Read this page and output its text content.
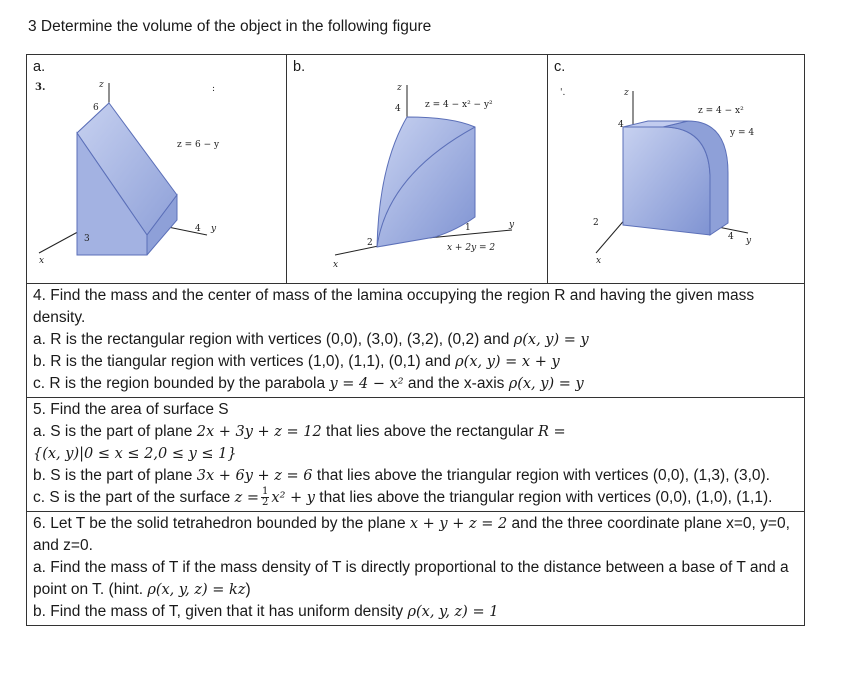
3 Determine the volume of the object in the following figure
a.
3.	:
z
6
z = 6 − y
3
4 y
x
b.
z
4	z = 4 − x² − y²
2
1	y
x + 2y = 2
x
c.
'.	z
4
z = 4 − x²
y = 4
2
4 y
x

4. Find the mass and the center of mass of the lamina occupying the region R and having the given mass density.

a. R is the rectangular region with vertices (0,0), (3,0), (3,2), (0,2) and ρ(x, y) = y

b. R is the tiangular region with vertices (1,0), (1,1), (0,1) and ρ(x, y) = x + y

c. R is the region bounded by the parabola y = 4 − x² and the x-axis ρ(x, y) = y

5. Find the area of surface S

a. S is the part of plane 2x + 3y + z = 12 that lies above the rectangular R =
{(x, y)|0 ≤ x ≤ 2,0 ≤ y ≤ 1}

b. S is the part of plane 3x + 6y + z = 6 that lies above the triangular region with vertices (0,0), (1,3), (3,0).

c. S is the part of the surface $z = \frac{1}{2} x^2 + y$ that lies above the triangular region with vertices (0,0), (1,0), (1,1).

6. Let T be the solid tetrahedron bounded by the plane x + y + z = 2 and the three coordinate plane x=0, y=0, and z=0.

a. Find the mass of T if the mass density of T is directly proportional to the distance between a base of T and a point on T. (hint. ρ(x, y, z) = kz)

b. Find the mass of T, given that it has uniform density ρ(x, y, z) = 1
